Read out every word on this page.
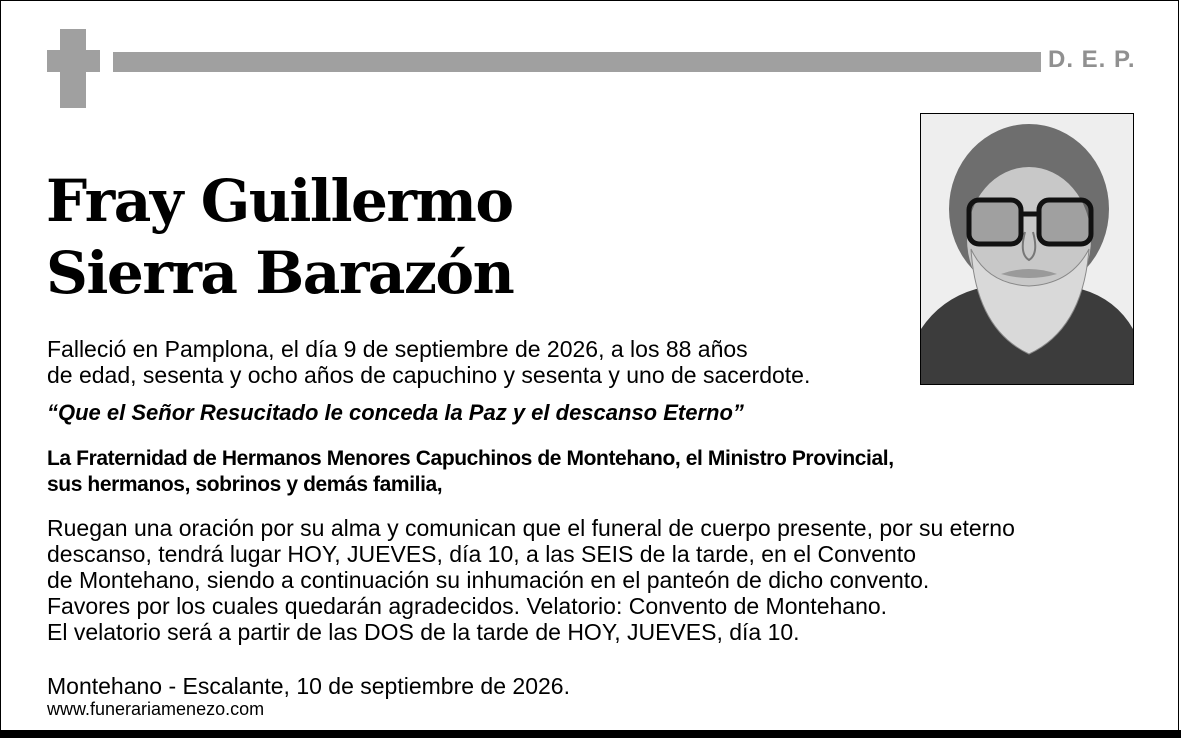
D. E. P.
Fray Guillermo
Sierra Barazón

Falleció en Pamplona, el día 9 de septiembre de 2026, a los 88 años
de edad, sesenta y ocho años de capuchino y sesenta y uno de sacerdote.

“Que el Señor Resucitado le conceda la Paz y el descanso Eterno”

La Fraternidad de Hermanos Menores Capuchinos de Montehano, el Ministro Provincial,
sus hermanos, sobrinos y demás familia,

Ruegan una oración por su alma y comunican que el funeral de cuerpo presente, por su eterno
descanso, tendrá lugar HOY, JUEVES, día 10, a las SEIS de la tarde, en el Convento
de Montehano, siendo a continuación su inhumación en el panteón de dicho convento.
Favores por los cuales quedarán agradecidos. Velatorio: Convento de Montehano.
El velatorio será a partir de las DOS de la tarde de HOY, JUEVES, día 10.

Montehano - Escalante, 10 de septiembre de 2026.

www.funerariamenezo.com
